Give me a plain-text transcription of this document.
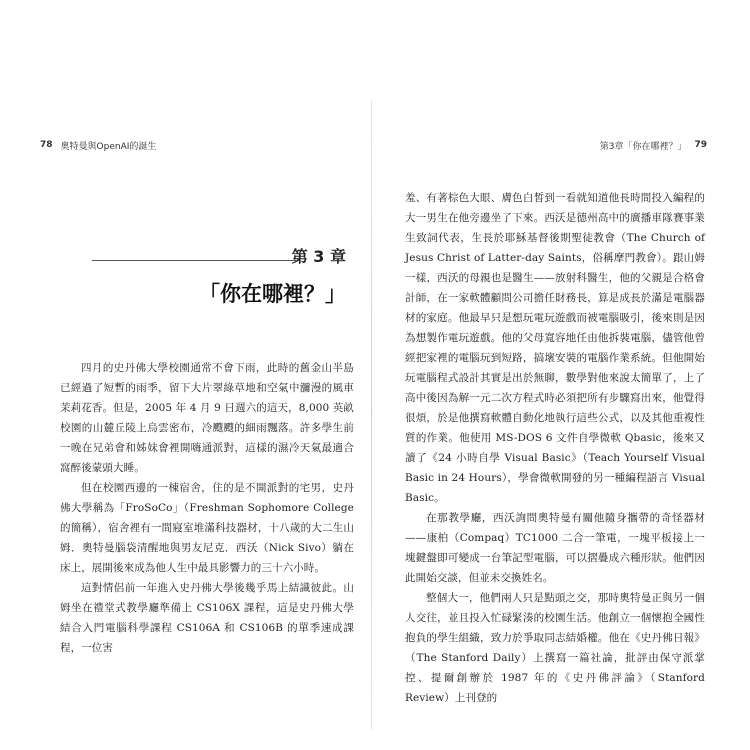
78 奧特曼與OpenAI的誕生
第 3 章
「你在哪裡？」

四月的史丹佛大學校園通常不會下雨，此時的舊金山半島已經過了短暫的雨季，留下大片翠綠草地和空氣中瀰漫的風車茉莉花香。但是，2005 年 4 月 9 日週六的這天，8,000 英畝校園的山麓丘陵上烏雲密布，冷颼颼的細雨飄落。許多學生前一晚在兄弟會和姊妹會裡開嗨通派對，這樣的濕冷天氣最適合窩醉後蒙頭大睡。

但在校園西邊的一棟宿舍，住的是不開派對的宅男，史丹佛大學稱為「FroSoCo」（Freshman Sophomore College 的簡稱），宿舍裡有一間寢室堆滿科技器材，十八歲的大二生山姆．奧特曼腦袋清醒地與男友尼克．西沃（Nick Sivo）躺在床上，展開後來成為他人生中最具影響力的三十六小時。

這對情侶前一年進入史丹佛大學後幾乎馬上結識彼此。山姆坐在禮堂式教學廳準備上 CS106X 課程，這是史丹佛大學結合入門電腦科學課程 CS106A 和 CS106B 的單季速成課程，一位害

第3章「你在哪裡？」 79

羞、有著棕色大眼、膚色白皙到一看就知道他長時間投入編程的大一男生在他旁邊坐了下來。西沃是德州高中的廣播車隊賽事業生致詞代表，生長於耶穌基督後期聖徒教會（The Church of Jesus Christ of Latter-day Saints，俗稱摩門教會）。跟山姆一樣，西沃的母親也是醫生——放射科醫生，他的父親是合格會計師，在一家軟體顧問公司擔任財務長，算是成長於滿是電腦器材的家庭。他最早只是想玩電玩遊戲而被電腦吸引，後來則是因為想製作電玩遊戲。他的父母寬容地任由他拆裝電腦，儘管他曾經把家裡的電腦玩到短路，搞壞安裝的電腦作業系統。但他開始玩電腦程式設計其實是出於無聊，數學對他來說太簡單了，上了高中後因為解一元二次方程式時必須把所有步驟寫出來，他覺得很煩，於是他撰寫軟體自動化地執行這些公式，以及其他重複性質的作業。他使用 MS-DOS 6 文件自學微軟 Qbasic，後來又讀了《24 小時自學 Visual Basic》（Teach Yourself Visual Basic in 24 Hours），學會微軟開發的另一種編程語言 Visual Basic。

在那教學廳，西沃詢問奧特曼有關他隨身攜帶的奇怪器材——康柏（Compaq）TC1000 二合一筆電，一塊平板接上一塊鍵盤即可變成一台筆記型電腦，可以摺疊成六種形狀。他們因此開始交談，但並未交換姓名。

整個大一，他們兩人只是點頭之交，那時奧特曼正與另一個人交往，並且投入忙碌緊湊的校園生活。他創立一個懷抱全國性抱負的學生組織，致力於爭取同志結婚權。他在《史丹佛日報》（The Stanford Daily）上撰寫一篇社論，批評由保守派掌控、提爾創辦於 1987 年的《史丹佛評論》（Stanford Review）上刊登的
